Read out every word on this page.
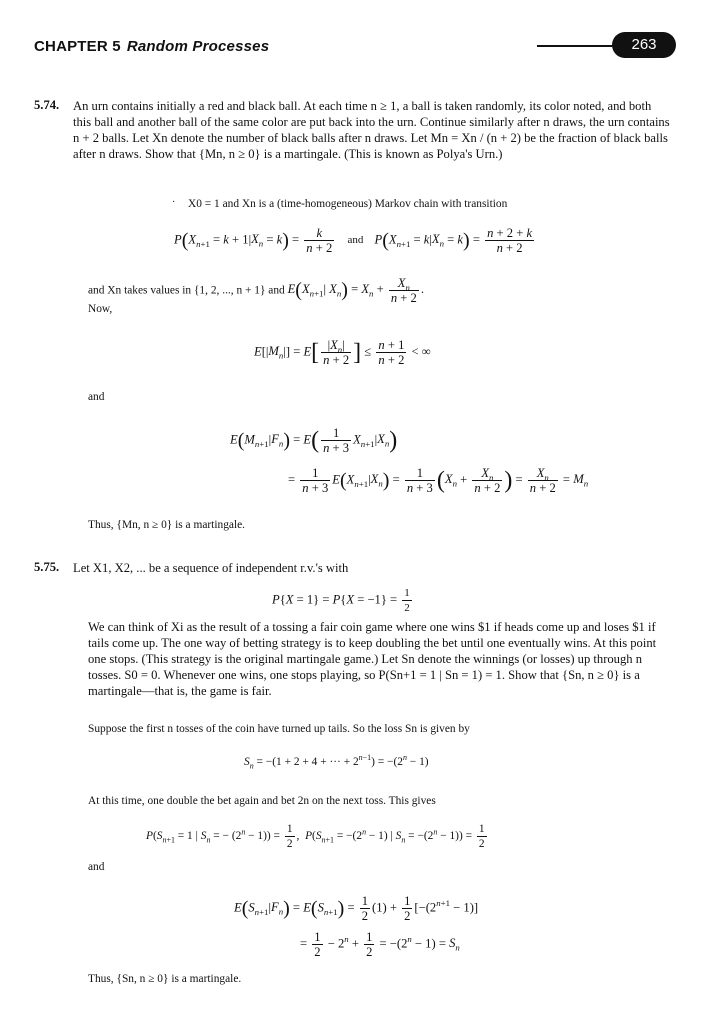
CHAPTER 5 Random Processes	263
5.74. An urn contains initially a red and black ball. At each time n ≥ 1, a ball is taken randomly, its color noted, and both this ball and another ball of the same color are put back into the urn. Continue similarly after n draws, the urn contains n + 2 balls. Let Xn denote the number of black balls after n draws. Let Mn = Xn / (n + 2) be the fraction of black balls after n draws. Show that {Mn, n ≥ 0} is a martingale. (This is known as Polya's Urn.)

· X0 = 1 and Xn is a (time-homogeneous) Markov chain with transition

$P(X_{n+1} = k + 1|X_n = k) = \frac{k}{n + 2}$ and $P(X_{n+1} = k|X_n = k) = \frac{n + 2 + k}{n + 2}$

and Xn takes values in {1, 2, ..., n + 1} and $E(X_{n+1}|$ $X_n) = X_n + \frac{X_n}{n + 2}$ .

Now,

$E[|M_n|] = E[ \frac{|X_n|}{n + 2}$ ] ≤ $\frac{n + 1}{n + 2}$ < ∞

and

$E(M_{n+1}|F_n) = E( \frac{1}{n + 3} X_{n+1}|X_n)$
= $\frac{1}{n + 3} E(X_{n+1}|X_n) = \frac{1}{n + 3} (X_n + \frac{X_n}{n + 2}$ ) = $\frac{X_n}{n + 2} = M_n$

Thus, {Mn, n ≥ 0} is a martingale.

5.75. Let X1, X2, ... be a sequence of independent r.v.'s with

$P\{X = 1\} = P\{X = -1\} = \frac{1}{2}$

We can think of Xi as the result of a tossing a fair coin game where one wins $1 if heads come up and loses $1 if tails come up. The one way of betting strategy is to keep doubling the bet until one eventually wins. At this point one stops. (This strategy is the original martingale game.) Let Sn denote the winnings (or losses) up through n tosses. S0 = 0. Whenever one wins, one stops playing, so P(Sn+1 = 1 | Sn = 1) = 1. Show that {Sn, n ≥ 0} is a martingale—that is, the game is fair.

Suppose the first n tosses of the coin have turned up tails. So the loss Sn is given by

$S_n = -(1 + 2 + 4$ + ··· + $2^{n-1}) = -(2^n - 1)$

At this time, one double the bet again and bet 2n on the next toss. This gives

$P(S_{n+1} = 1$ | $S_n$ = − $(2^n - 1)) = \frac{1}{2}$ ,  $P(S_{n+1} = -(2^n - 1)$ | $S_n = -(2^n - 1)) = \frac{1}{2}$

and

$E(S_{n+1}|F_n) = E(S_{n+1}) = \frac{1}{2} (1) + \frac{1}{2} [-(2^{n+1} - 1)]$
= $\frac{1}{2} - 2^n + \frac{1}{2} = -(2^n - 1) = S_n$

Thus, {Sn, n ≥ 0} is a martingale.
